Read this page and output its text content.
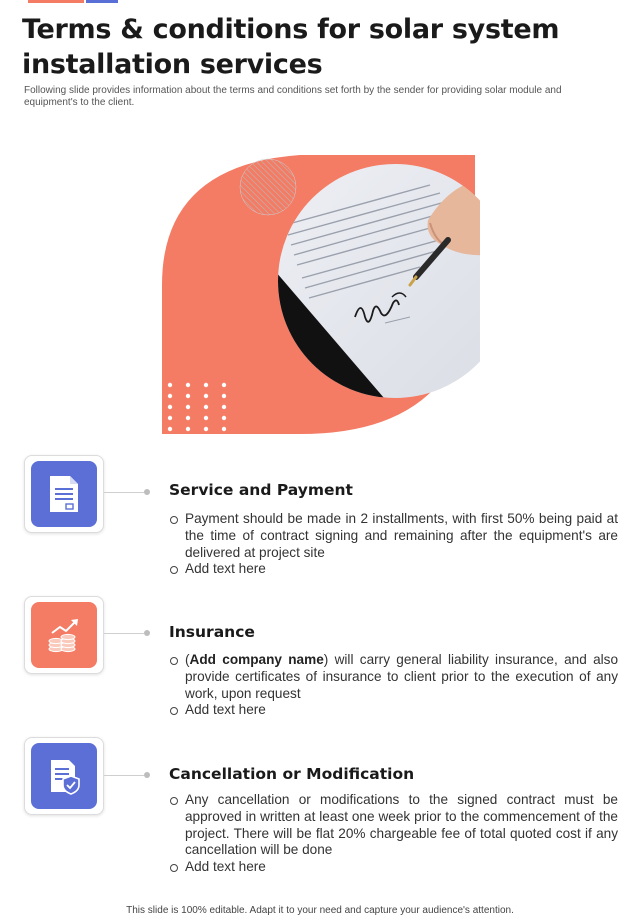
Terms & conditions for solar system installation services

Following slide provides information about the terms and conditions set forth by the sender for providing solar module and equipment's to the client.

Service and Payment
Payment should be made in 2 installments, with first 50% being paid at the time of contract signing and remaining after the equipment's are delivered at project site
Add text here
Insurance
(Add company name) will carry general liability insurance, and also provide certificates of insurance to client prior to the execution of any work, upon request
Add text here
Cancellation or Modification
Any cancellation or modifications to the signed contract must be approved in written at least one week prior to the commencement of the project. There will be flat 20% chargeable fee of total quoted cost if any cancellation will be done
Add text here
This slide is 100% editable. Adapt it to your need and capture your audience's attention.
